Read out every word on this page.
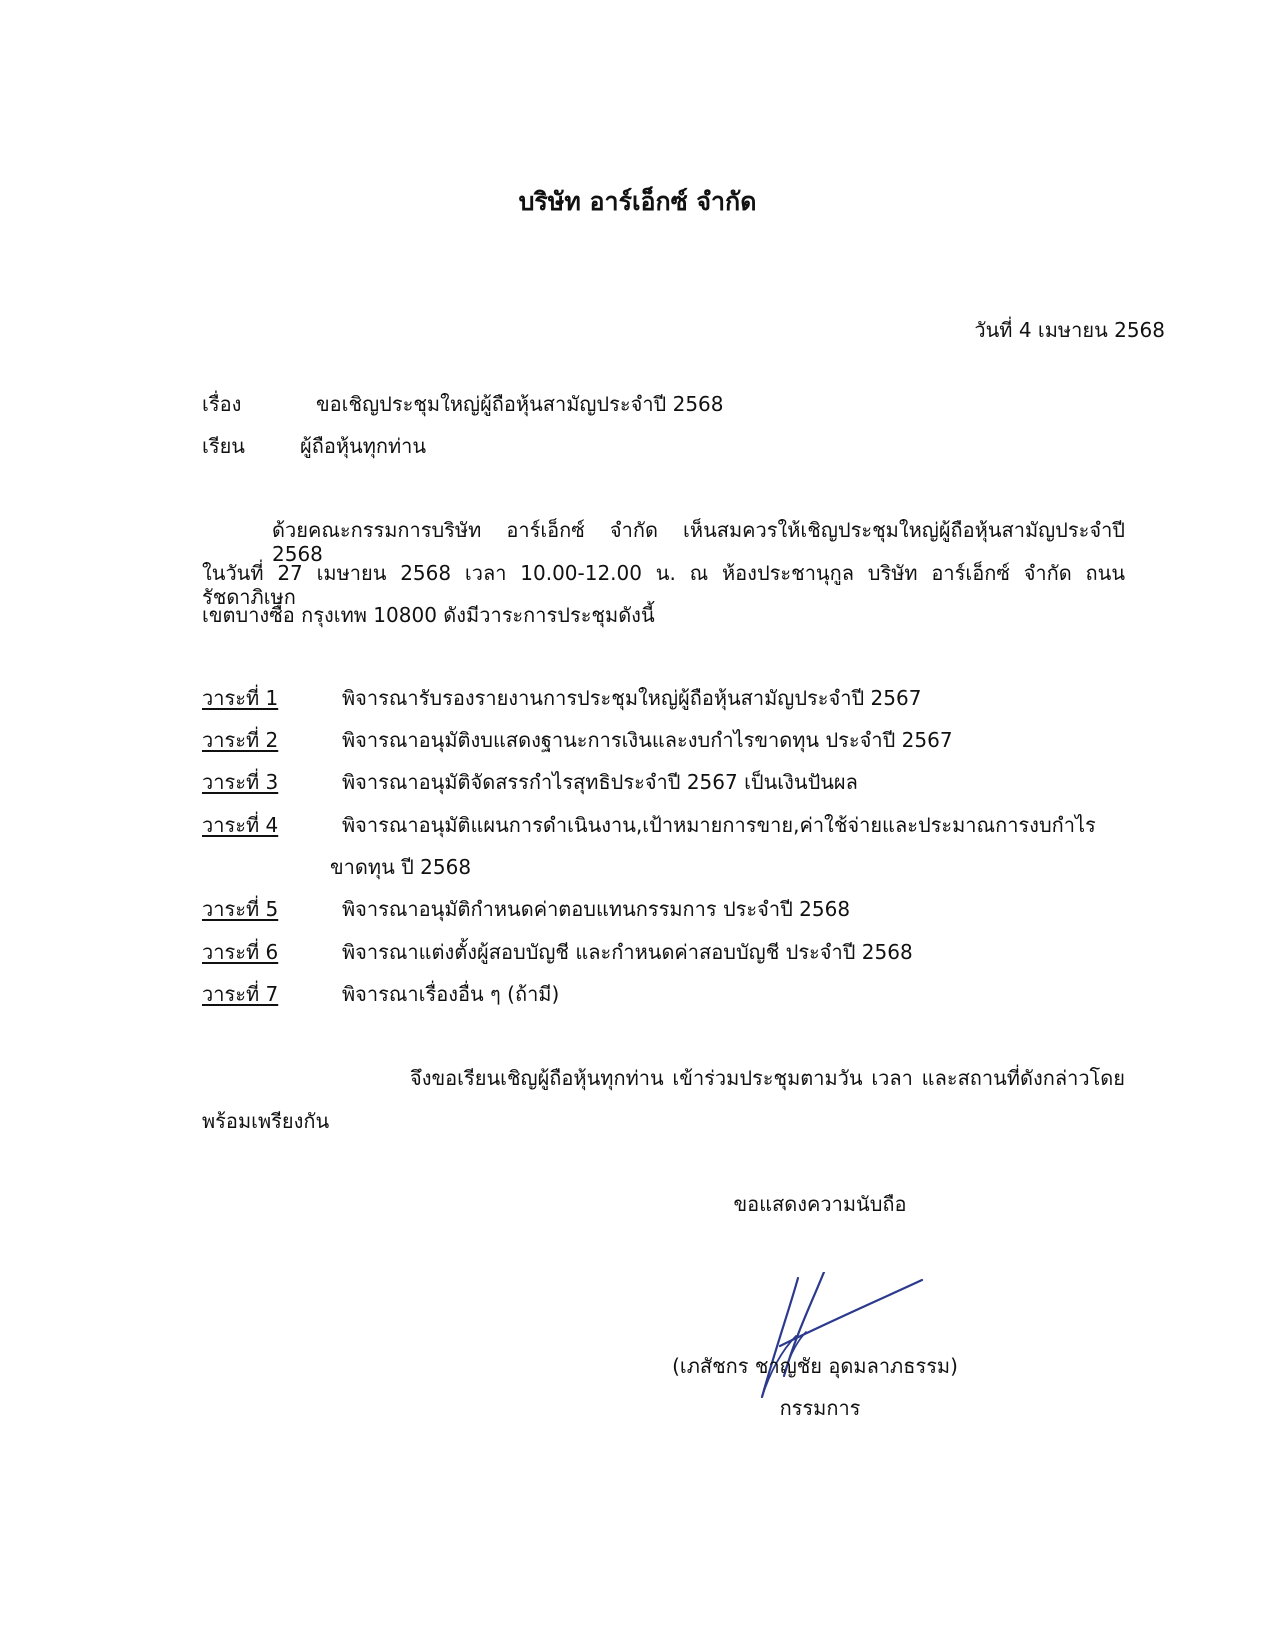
บริษัท อาร์เอ็กซ์ จำกัด
วันที่ 4 เมษายน 2568
เรื่อง	ขอเชิญประชุมใหญ่ผู้ถือหุ้นสามัญประจำปี 2568
เรียน	ผู้ถือหุ้นทุกท่าน
ด้วยคณะกรรมการบริษัท อาร์เอ็กซ์ จำกัด เห็นสมควรให้เชิญประชุมใหญ่ผู้ถือหุ้นสามัญประจำปี 2568
ในวันที่ 27 เมษายน 2568 เวลา 10.00-12.00 น. ณ ห้องประชานุกูล บริษัท อาร์เอ็กซ์ จำกัด ถนนรัชดาภิเษก
เขตบางซื่อ กรุงเทพ 10800 ดังมีวาระการประชุมดังนี้
วาระที่ 1	พิจารณารับรองรายงานการประชุมใหญ่ผู้ถือหุ้นสามัญประจำปี 2567
วาระที่ 2	พิจารณาอนุมัติงบแสดงฐานะการเงินและงบกำไรขาดทุน ประจำปี 2567
วาระที่ 3	พิจารณาอนุมัติจัดสรรกำไรสุทธิประจำปี 2567 เป็นเงินปันผล
วาระที่ 4	พิจารณาอนุมัติแผนการดำเนินงาน,เป้าหมายการขาย,ค่าใช้จ่ายและประมาณการงบกำไร
ขาดทุน ปี 2568
วาระที่ 5	พิจารณาอนุมัติกำหนดค่าตอบแทนกรรมการ ประจำปี 2568
วาระที่ 6	พิจารณาแต่งตั้งผู้สอบบัญชี และกำหนดค่าสอบบัญชี ประจำปี 2568
วาระที่ 7	พิจารณาเรื่องอื่น ๆ (ถ้ามี)
จึงขอเรียนเชิญผู้ถือหุ้นทุกท่าน เข้าร่วมประชุมตามวัน เวลา และสถานที่ดังกล่าวโดย
พร้อมเพรียงกัน
ขอแสดงความนับถือ
(เภสัชกร ชาญชัย อุดมลาภธรรม)
กรรมการ
